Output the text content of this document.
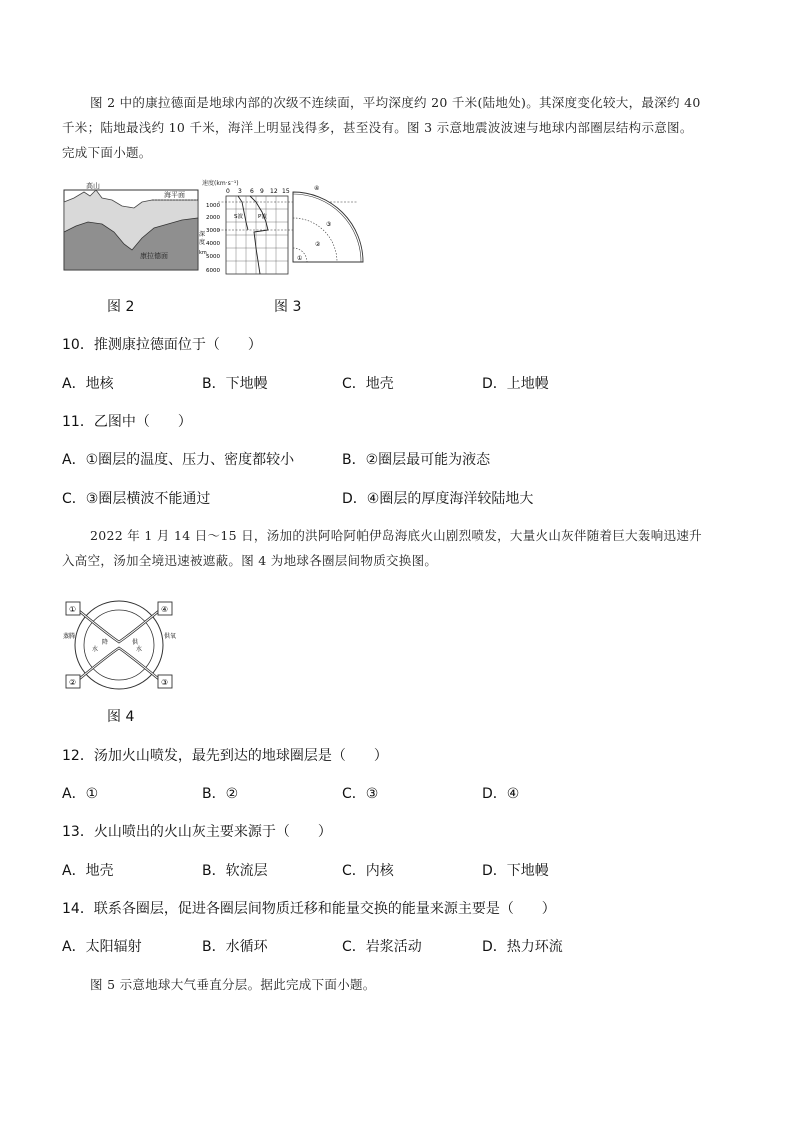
图 2 中的康拉德面是地球内部的次级不连续面，平均深度约 20 千米(陆地处)。其深度变化较大，最深约 40
千米；陆地最浅约 10 千米，海洋上明显浅得多，甚至没有。图 3 示意地震波波速与地球内部圈层结构示意图。
完成下面小题。
高山
海平面
康拉德面
图 2
速度(km·s⁻¹)
0 3 6 9 12 15
S波	P波
1000
2000
3000
4000
5000
6000
深
度
km
④
③
②
①
图 3
10．推测康拉德面位于（　　）
A．地核	B．下地幔	C．地壳	D．上地幔
11．乙图中（　　）
A．①圈层的温度、压力、密度都较小	B．②圈层最可能为液态
C．③圈层横波不能通过	D．④圈层的厚度海洋较陆地大
2022 年 1 月 14 日～15 日，汤加的洪阿哈阿帕伊岛海底火山剧烈喷发，大量火山灰伴随着巨大轰响迅速升
入高空，汤加全境迅速被遮蔽。图 4 为地球各圈层间物质交换图。
①	④
②	③
蒸腾	供氧
水
降	供
水
图 4
12．汤加火山喷发，最先到达的地球圈层是（　　）
A．①	B．②	C．③	D．④
13．火山喷出的火山灰主要来源于（　　）
A．地壳	B．软流层	C．内核	D．下地幔
14．联系各圈层，促进各圈层间物质迁移和能量交换的能量来源主要是（　　）
A．太阳辐射	B．水循环	C．岩浆活动	D．热力环流
图 5 示意地球大气垂直分层。据此完成下面小题。
